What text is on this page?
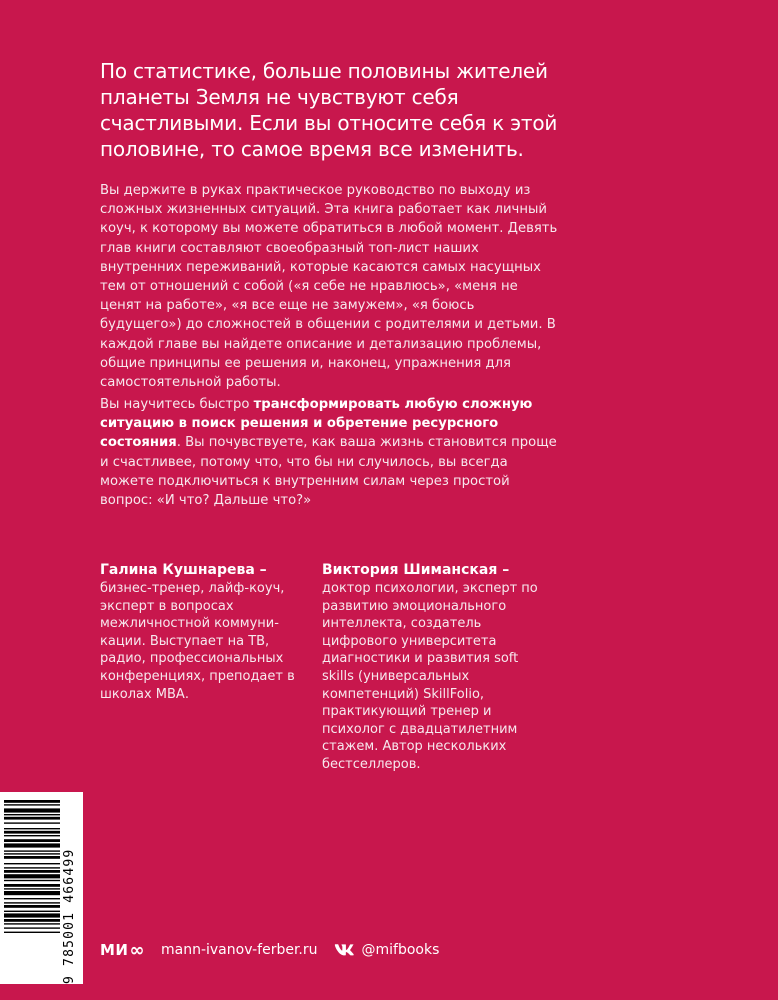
По статистике, больше половины жителей планеты Земля не чувствуют себя счастливыми. Если вы относите себя к этой половине, то самое время все изменить.

Вы держите в руках практическое руководство по выходу из сложных жизненных ситуаций. Эта книга работает как личный коуч, к которому вы можете обратиться в любой момент. Девять глав книги составляют своеобразный топ-лист наших внутренних переживаний, которые касаются самых насущных тем от отношений с собой («я себе не нравлюсь», «меня не ценят на работе», «я все еще не замужем», «я боюсь будущего») до сложностей в общении с родителями и детьми. В каждой главе вы найдете описание и детализацию проблемы, общие принципы ее решения и, наконец, упражнения для самостоятельной работы.

Вы научитесь быстро трансформировать любую сложную ситуацию в поиск решения и обретение ресурсного состояния. Вы почувствуете, как ваша жизнь становится проще и счастливее, потому что, что бы ни случилось, вы всегда можете подключиться к внутренним силам через простой вопрос: «И что? Дальше что?»

Галина Кушнарева –
бизнес-тренер, лайф-коуч, эксперт в вопросах межличностной коммуни-кации. Выступает на ТВ, радио, профессиональных конференциях, преподает в школах МВА.
Виктория Шиманская –
доктор психологии, эксперт по развитию эмоционального интеллекта, создатель цифрового университета диагностики и развития soft skills (универсальных компетенций) SkillFolio, практикующий тренер и психолог с двадцатилетним стажем. Автор нескольких бестселлеров.
9 785001 466499 МИ ∞ mann-ivanov-ferber.ru	@mifbooks
